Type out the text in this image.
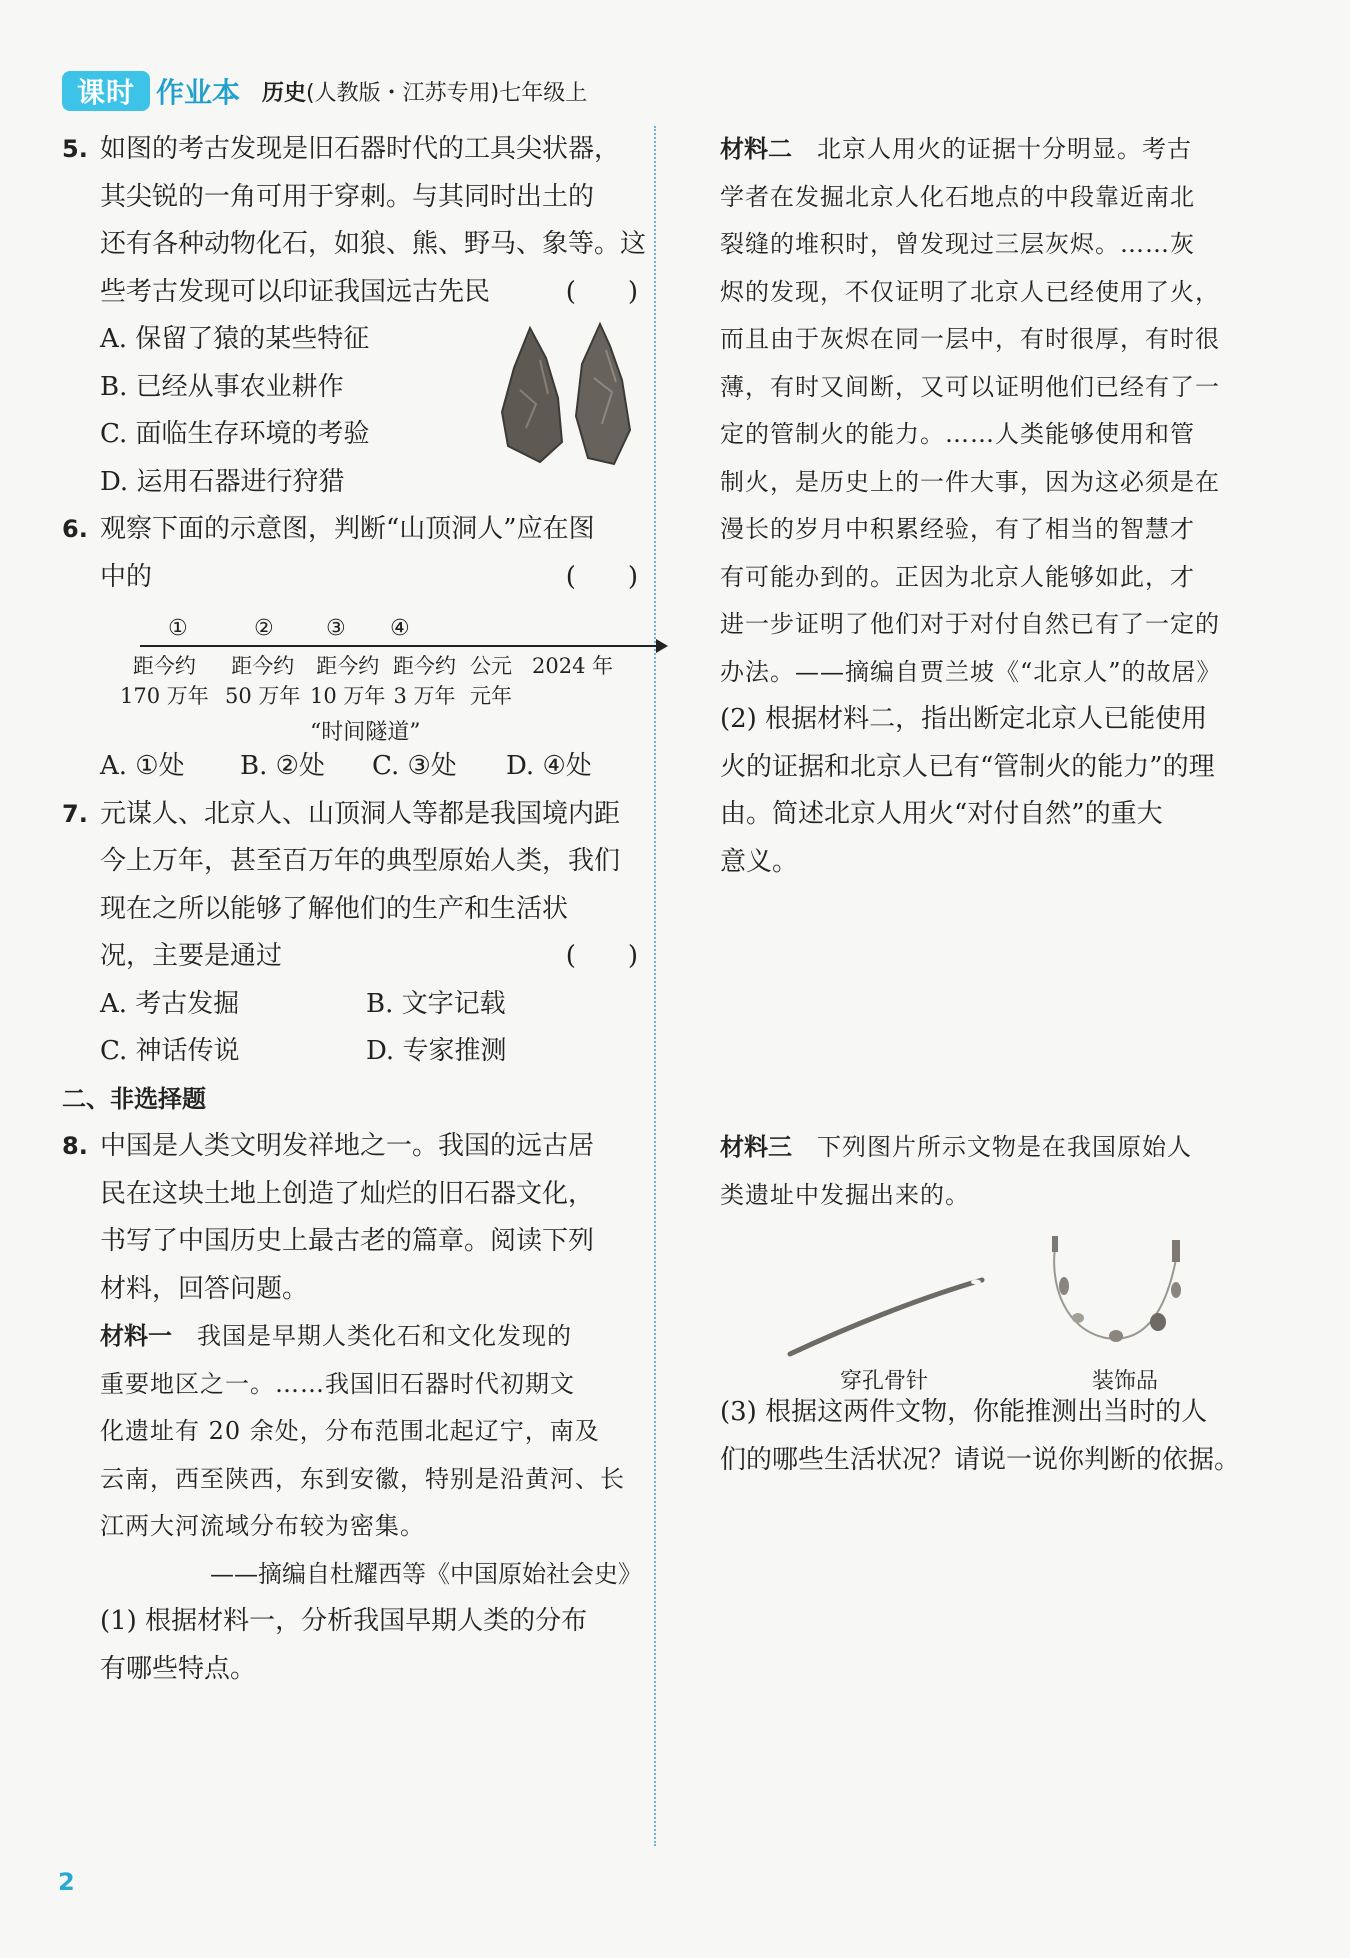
课时 作业本 历史 (人教版・江苏专用)七年级上
5. 如图的考古发现是旧石器时代的工具尖状器，
其尖锐的一角可用于穿刺。与其同时出土的
还有各种动物化石，如狼、熊、野马、象等。这
些考古发现可以印证我国远古先民	(　　)
A. 保留了猿的某些特征
B. 已经从事农业耕作
C. 面临生存环境的考验
D. 运用石器进行狩猎
6. 观察下面的示意图，判断“山顶洞人”应在图
中的	(　　)
①	② ③ ④
距今约
170 万年
距今约
50 万年
距今约
10 万年
距今约
3 万年
公元
元年
2024 年
“时间隧道”
A. ①处	B. ②处	C. ③处	D. ④处
7. 元谋人、北京人、山顶洞人等都是我国境内距
今上万年，甚至百万年的典型原始人类，我们
现在之所以能够了解他们的生产和生活状
况，主要是通过	(　　)
A. 考古发掘	B. 文字记载
C. 神话传说	D. 专家推测
二、非选择题
8. 中国是人类文明发祥地之一。我国的远古居
民在这块土地上创造了灿烂的旧石器文化，
书写了中国历史上最古老的篇章。阅读下列
材料，回答问题。
材料一　 我国是早期人类化石和文化发现的
重要地区之一。……我国旧石器时代初期文
化遗址有 20 余处，分布范围北起辽宁，南及
云南，西至陕西，东到安徽，特别是沿黄河、长
江两大河流域分布较为密集。
——摘编自杜耀西等《中国原始社会史》
(1) 根据材料一，分析我国早期人类的分布
有哪些特点。
材料二　 北京人用火的证据十分明显。考古
学者在发掘北京人化石地点的中段靠近南北
裂缝的堆积时，曾发现过三层灰烬。……灰
烬的发现，不仅证明了北京人已经使用了火，
而且由于灰烬在同一层中，有时很厚，有时很
薄，有时又间断，又可以证明他们已经有了一
定的管制火的能力。……人类能够使用和管
制火，是历史上的一件大事，因为这必须是在
漫长的岁月中积累经验，有了相当的智慧才
有可能办到的。正因为北京人能够如此，才
进一步证明了他们对于对付自然已有了一定的
办法。——摘编自贾兰坡《“北京人”的故居》
(2) 根据材料二，指出断定北京人已能使用
火的证据和北京人已有“管制火的能力”的理
由。简述北京人用火“对付自然”的重大
意义。
材料三　 下列图片所示文物是在我国原始人
类遗址中发掘出来的。
(3) 根据这两件文物，你能推测出当时的人
们的哪些生活状况？请说一说你判断的依据。
穿孔骨针	装饰品
2
